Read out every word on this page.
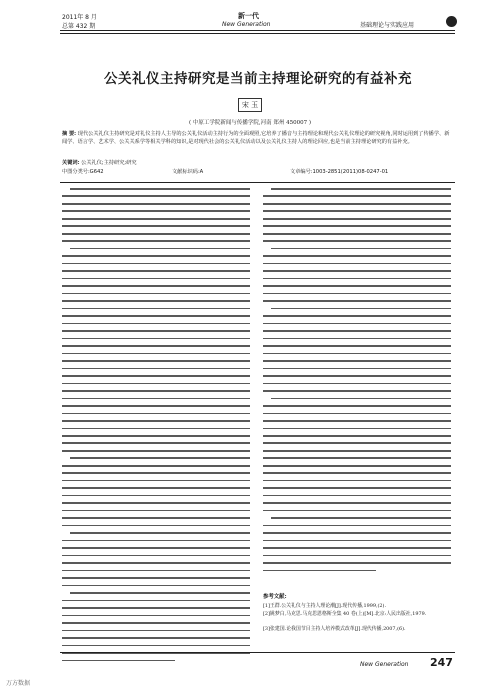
2011年 8 月
总第 432 期
新一代
New Generation	基础理论与实践应用
公关礼仪主持研究是当前主持理论研究的有益补充
宋 玉
( 中原工学院新闻与传播学院,河南 郑州 450007 )
摘 要: 现代公关礼仪主持研究是对礼仪主持人主导的公关礼仪活动主持行为的全面观照,它培养了播音与主持理论和现代公关礼仪理论的研究视角,同时运用到了传播学、新闻学、语言学、艺术学、公关关系学等相关学科的知识,是对现代社会的公关礼仪活动以及公关礼仪主持人的理论回应,也是当前主持理论研究的有益补充。
关键词: 公关礼仪;主持研究;研究
中图分类号:G642	文献标识码:A	文章编号:1003-2851(2011)08-0247-01
参考文献:
[1]王群.公关礼仪与主持人理论潮[J].现代传播,1999,(2).
[2]姚梦白,马克思.马克思恩格斯全集 40 卷(上)[M].北京:人民出版社,1979.
[3]张建国.论我国节目主持人培养模式改革[J].现代传播,2007,(6).
New Generation 247
万方数据
